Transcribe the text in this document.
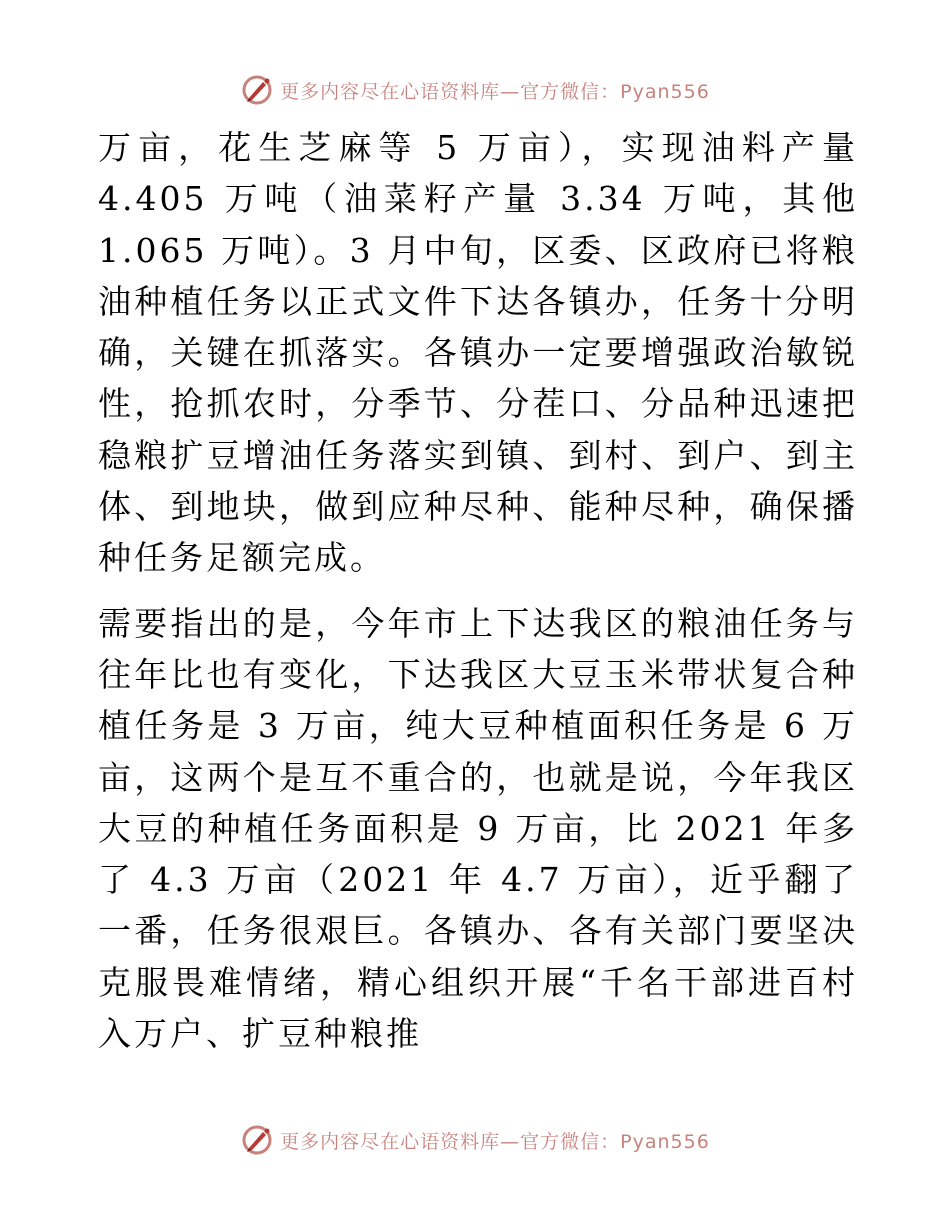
更多内容尽在心语资料库—官方微信：Pyan556

万亩，花生芝麻等 5 万亩），实现油料产量 4.405 万吨（油菜籽产量 3.34 万吨，其他 1.065 万吨）。3 月中旬，区委、区政府已将粮油种植任务以正式文件下达各镇办，任务十分明确，关键在抓落实。各镇办一定要增强政治敏锐性，抢抓农时，分季节、分茬口、分品种迅速把稳粮扩豆增油任务落实到镇、到村、到户、到主体、到地块，做到应种尽种、能种尽种，确保播种任务足额完成。

需要指出的是，今年市上下达我区的粮油任务与往年比也有变化，下达我区大豆玉米带状复合种植任务是 3 万亩，纯大豆种植面积任务是 6 万亩，这两个是互不重合的，也就是说，今年我区大豆的种植任务面积是 9 万亩，比 2021 年多了 4.3 万亩（2021 年 4.7 万亩），近乎翻了一番，任务很艰巨。各镇办、各有关部门要坚决克服畏难情绪，精心组织开展“千名干部进百村入万户、扩豆种粮推

更多内容尽在心语资料库—官方微信：Pyan556
